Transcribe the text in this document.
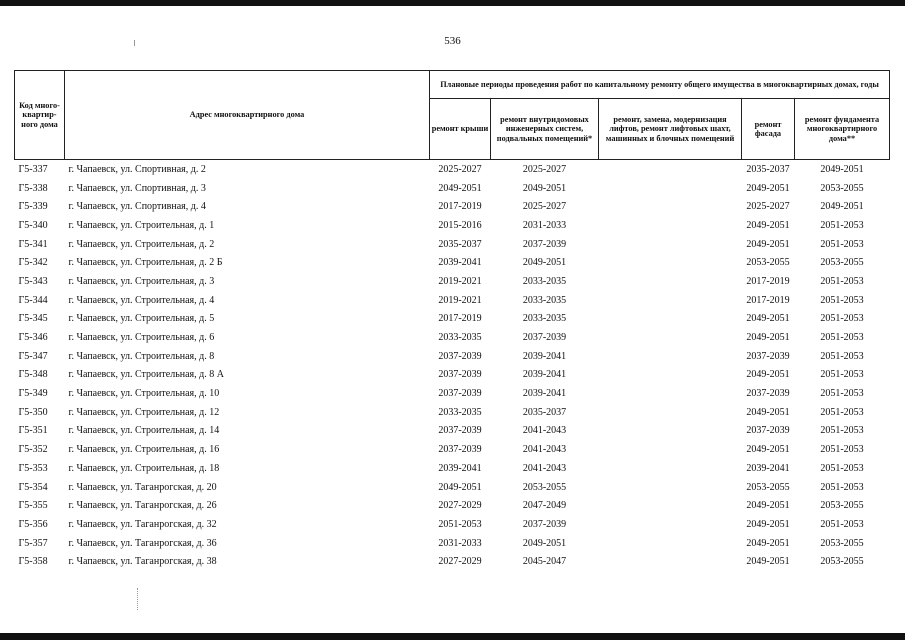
536
Код много-квартир-ного дома	Адрес многоквартирного дома	Плановые периоды проведения работ по капитальному ремонту общего имущества в многоквартирных домах, годы				
		ремонт крыши	ремонт внутридомовых инженерных систем, подвальных помещений*	ремонт, замена, модернизация лифтов, ремонт лифтовых шахт, машинных и блочных помещений	ремонт фасада	ремонт фундамента многоквартирного дома**
Г5-337	г. Чапаевск, ул. Спортивная, д. 2	2025-2027	2025-2027		2035-2037	2049-2051
Г5-338	г. Чапаевск, ул. Спортивная, д. 3	2049-2051	2049-2051		2049-2051	2053-2055
Г5-339	г. Чапаевск, ул. Спортивная, д. 4	2017-2019	2025-2027		2025-2027	2049-2051
Г5-340	г. Чапаевск, ул. Строительная, д. 1	2015-2016	2031-2033		2049-2051	2051-2053
Г5-341	г. Чапаевск, ул. Строительная, д. 2	2035-2037	2037-2039		2049-2051	2051-2053
Г5-342	г. Чапаевск, ул. Строительная, д. 2 Б	2039-2041	2049-2051		2053-2055	2053-2055
Г5-343	г. Чапаевск, ул. Строительная, д. 3	2019-2021	2033-2035		2017-2019	2051-2053
Г5-344	г. Чапаевск, ул. Строительная, д. 4	2019-2021	2033-2035		2017-2019	2051-2053
Г5-345	г. Чапаевск, ул. Строительная, д. 5	2017-2019	2033-2035		2049-2051	2051-2053
Г5-346	г. Чапаевск, ул. Строительная, д. 6	2033-2035	2037-2039		2049-2051	2051-2053
Г5-347	г. Чапаевск, ул. Строительная, д. 8	2037-2039	2039-2041		2037-2039	2051-2053
Г5-348	г. Чапаевск, ул. Строительная, д. 8 А	2037-2039	2039-2041		2049-2051	2051-2053
Г5-349	г. Чапаевск, ул. Строительная, д. 10	2037-2039	2039-2041		2037-2039	2051-2053
Г5-350	г. Чапаевск, ул. Строительная, д. 12	2033-2035	2035-2037		2049-2051	2051-2053
Г5-351	г. Чапаевск, ул. Строительная, д. 14	2037-2039	2041-2043		2037-2039	2051-2053
Г5-352	г. Чапаевск, ул. Строительная, д. 16	2037-2039	2041-2043		2049-2051	2051-2053
Г5-353	г. Чапаевск, ул. Строительная, д. 18	2039-2041	2041-2043		2039-2041	2051-2053
Г5-354	г. Чапаевск, ул. Таганрогская, д. 20	2049-2051	2053-2055		2053-2055	2051-2053
Г5-355	г. Чапаевск, ул. Таганрогская, д. 26	2027-2029	2047-2049		2049-2051	2053-2055
Г5-356	г. Чапаевск, ул. Таганрогская, д. 32	2051-2053	2037-2039		2049-2051	2051-2053
Г5-357	г. Чапаевск, ул. Таганрогская, д. 36	2031-2033	2049-2051		2049-2051	2053-2055
Г5-358	г. Чапаевск, ул. Таганрогская, д. 38	2027-2029	2045-2047		2049-2051	2053-2055
